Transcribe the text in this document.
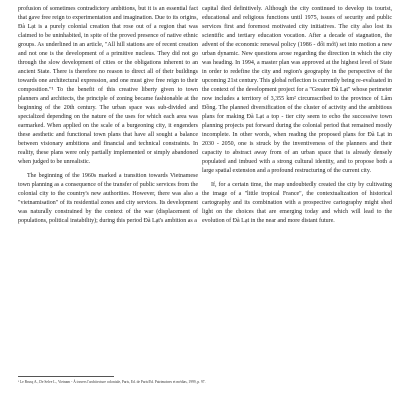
profusion of sometimes contradictory ambitions, but it is an essential fact that gave free reign to experimentation and imagination. Due to its origins, Đà Lạt is a purely colonial creation that rose out of a region that was claimed to be uninhabited, in spite of the proved presence of native ethnic groups. As underlined in an article, "All hill stations are of recent creation and not one is the development of a primitive nucleus. They did not go through the slow development of cities or the obligations inherent to an ancient State. There is therefore no reason to direct all of their buildings towards one architectural expression, and one must give free reign to their composition."¹ To the benefit of this creative liberty given to town planners and architects, the principle of zoning became fashionable at the beginning of the 20th century. The urban space was sub-divided and specialized depending on the nature of the uses for which each area was earmarked. When applied on the scale of a burgeoning city, it engenders these aesthetic and functional town plans that have all sought a balance between visionary ambitions and financial and technical constraints. In reality, these plans were only partially implemented or simply abandoned when judged to be unrealistic.

The beginning of the 1960s marked a transition towards Vietnamese town planning as a consequence of the transfer of public services from the colonial city to the country's new authorities. However, there was also a "vietnamisation" of its residential zones and city services. Its development was naturally constrained by the context of the war (displacement of populations, political instability); during this period Đà Lạt's ambition as a

capital died definitively. Although the city continued to develop its tourist, educational and religious functions until 1975, issues of security and public services first and foremost motivated city initiatives. The city also lost its scientific and tertiary education vocation. After a decade of stagnation, the advent of the economic renewal policy (1986 - đổi mới) set into motion a new urban dynamic. New questions arose regarding the direction in which the city was heading. In 1994, a master plan was approved at the highest level of State in order to redefine the city and region's geography in the perspective of the upcoming 21st century. This global reflection is currently being re-evaluated in the context of the development project for a "Greater Đà Lạt" whose perimeter now includes a territory of 3,355 km² circumscribed to the province of Lâm Đồng. The planned diversification of the cluster of activity and the ambitious plans for making Đà Lạt a top - tier city seem to echo the successive town planning projects put forward during the colonial period that remained mostly incomplete. In other words, when reading the proposed plans for Đà Lạt in 2030 - 2050, one is struck by the inventiveness of the planners and their capacity to abstract away from of an urban space that is already densely populated and imbued with a strong cultural identity, and to propose both a large spatial extension and a profound restructuring of the current city.

If, for a certain time, the map undoubtedly created the city by cultivating the image of a "little tropical France", the contextualization of historical cartography and its combination with a prospective cartography might shed light on the choices that are emerging today and which will lead to the evolution of Đà Lạt in the near and more distant future.

¹ Le Brusq A., De Selve L., Vietnam - À travers l'architecture coloniale, Paris, Ed. de Paris/Ed. Patrimoines et médias, 1999, p. 97.
